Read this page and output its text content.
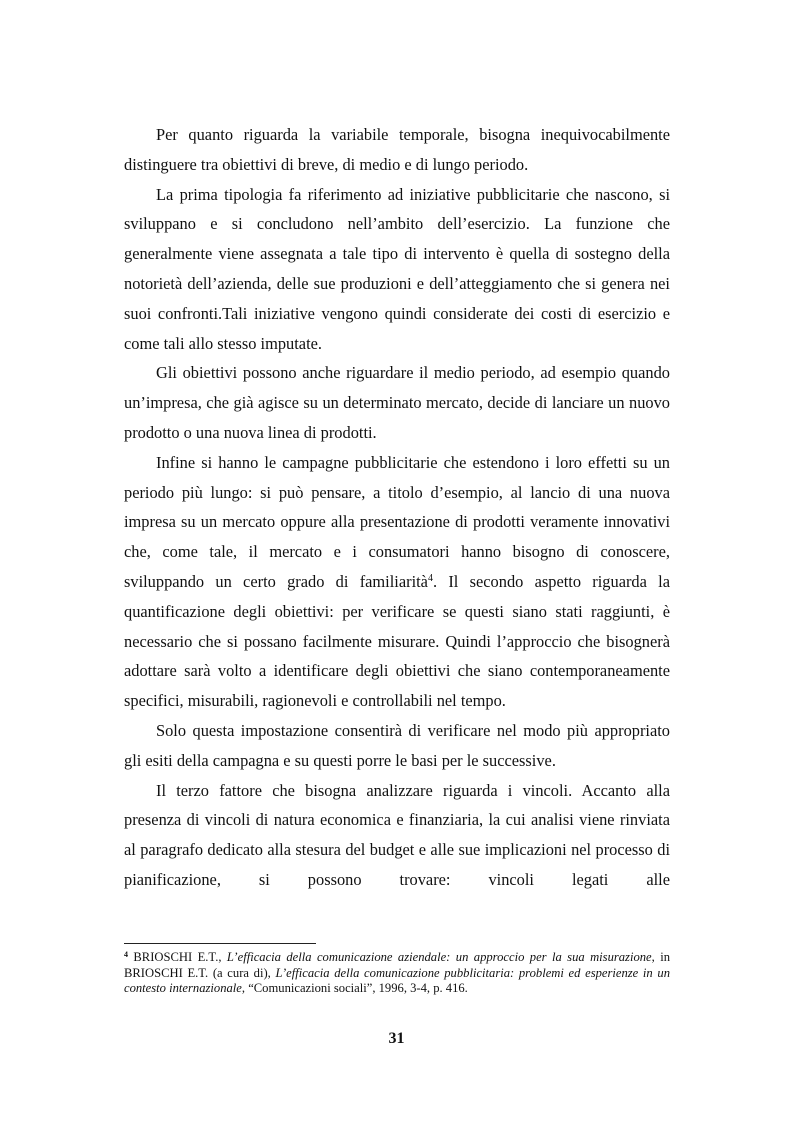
Per quanto riguarda la variabile temporale, bisogna inequivocabilmente distinguere tra obiettivi di breve, di medio e di lungo periodo.

La prima tipologia fa riferimento ad iniziative pubblicitarie che nascono, si sviluppano e si concludono nell’ambito dell’esercizio. La funzione che generalmente viene assegnata a tale tipo di intervento è quella di sostegno della notorietà dell’azienda, delle sue produzioni e dell’atteggiamento che si genera nei suoi confronti.Tali iniziative vengono quindi considerate dei costi di esercizio e come tali allo stesso imputate.

Gli obiettivi possono anche riguardare il medio periodo, ad esempio quando un’impresa, che già agisce su un determinato mercato, decide di lanciare un nuovo prodotto o una nuova linea di prodotti.

Infine si hanno le campagne pubblicitarie che estendono i loro effetti su un periodo più lungo: si può pensare, a titolo d’esempio, al lancio di una nuova impresa su un mercato oppure alla presentazione di prodotti veramente innovativi che, come tale, il mercato e i consumatori hanno bisogno di conoscere, sviluppando un certo grado di familiarità$^4$. Il secondo aspetto riguarda la quantificazione degli obiettivi: per verificare se questi siano stati raggiunti, è necessario che si possano facilmente misurare. Quindi l’approccio che bisognerà adottare sarà volto a identificare degli obiettivi che siano contemporaneamente specifici, misurabili, ragionevoli e controllabili nel tempo.

Solo questa impostazione consentirà di verificare nel modo più appropriato gli esiti della campagna e su questi porre le basi per le successive.

Il terzo fattore che bisogna analizzare riguarda i vincoli. Accanto alla presenza di vincoli di natura economica e finanziaria, la cui analisi viene rinviata al paragrafo dedicato alla stesura del budget e alle sue implicazioni nel processo di pianificazione, si possono trovare: vincoli legati alle

$^4$ BRIOSCHI E.T., L’efficacia della comunicazione aziendale: un approccio per la sua misurazione, in BRIOSCHI E.T. (a cura di), L’efficacia della comunicazione pubblicitaria: problemi ed esperienze in un contesto internazionale, “Comunicazioni sociali”, 1996, 3-4, p. 416.
31
